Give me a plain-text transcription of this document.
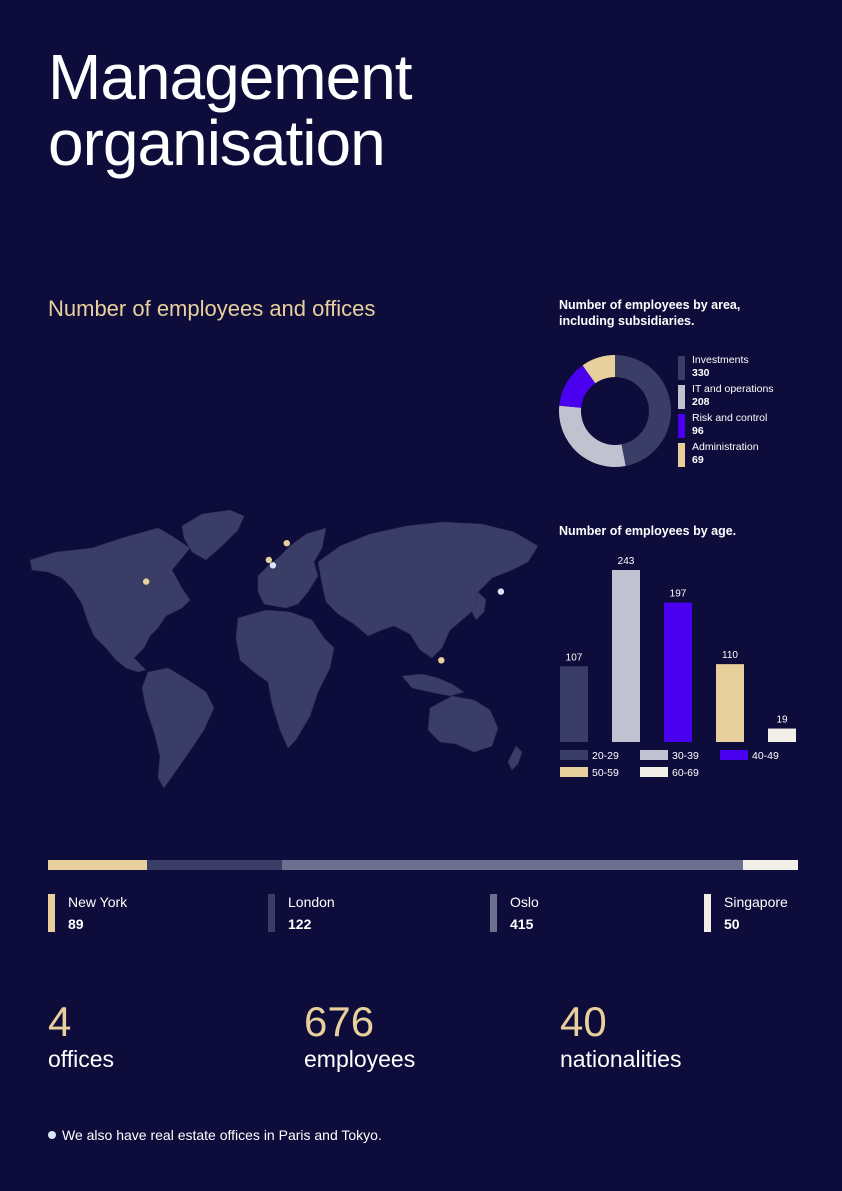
Management
organisation
Number of employees and offices	Number of employees by area,
including subsidiaries.
Investments
330
IT and operations
208
Risk and control
96
Administration
69
Number of employees by age.
107
243
197
110
19
20-29	30-39	40-49
50-59	60-69
New York
89
London
122
Oslo
415
Singapore
50
4
offices
676
employees
40
nationalities
We also have real estate offices in Paris and Tokyo.
